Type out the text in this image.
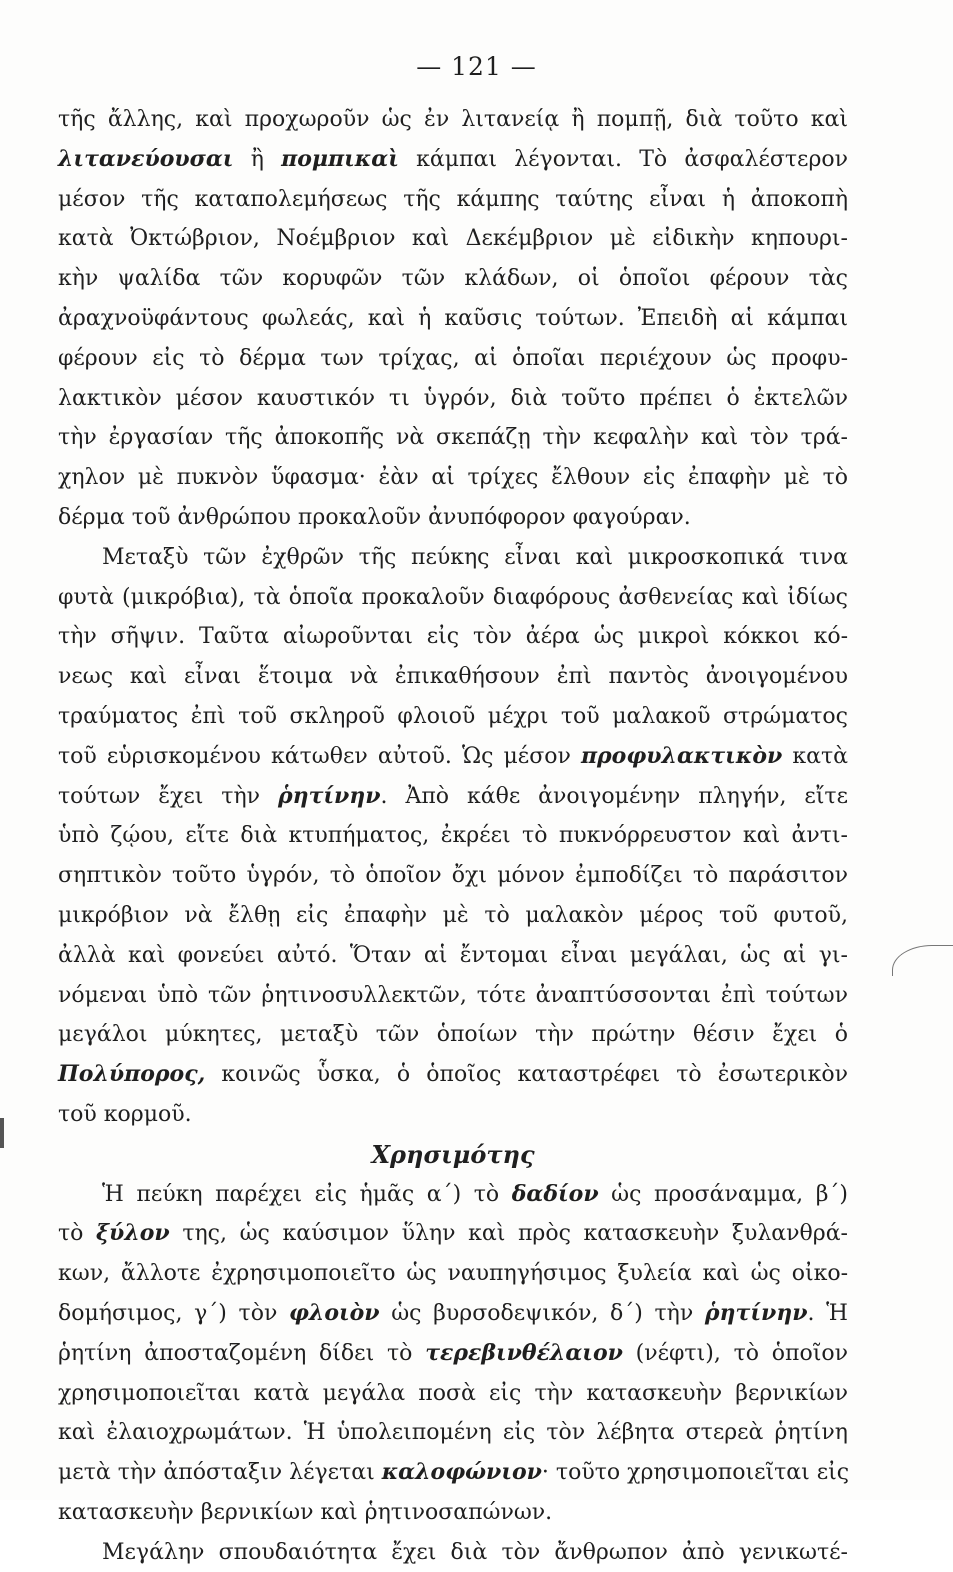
— 121 —
τῆς ἄλλης, καὶ προχωροῦν ὡς ἐν λιτανείᾳ ἢ πομπῇ, διὰ τοῦτο καὶ
λιτανεύουσαι ἢ πομπικαὶ κάμπαι λέγονται. Τὸ ἀσφαλέστερον
μέσον τῆς καταπολεμήσεως τῆς κάμπης ταύτης εἶναι ἡ ἀποκοπὴ
κατὰ Ὀκτώβριον, Νοέμβριον καὶ Δεκέμβριον μὲ εἰδικὴν κηπουρι-
κὴν ψαλίδα τῶν κορυφῶν τῶν κλάδων, οἱ ὁποῖοι φέρουν τὰς
ἀραχνοϋφάντους φωλεάς, καὶ ἡ καῦσις τούτων. Ἐπειδὴ αἱ κάμπαι
φέρουν εἰς τὸ δέρμα των τρίχας, αἱ ὁποῖαι περιέχουν ὡς προφυ-
λακτικὸν μέσον καυστικόν τι ὑγρόν, διὰ τοῦτο πρέπει ὁ ἐκτελῶν
τὴν ἐργασίαν τῆς ἀποκοπῆς νὰ σκεπάζῃ τὴν κεφαλὴν καὶ τὸν τρά-
χηλον μὲ πυκνὸν ὕφασμα· ἐὰν αἱ τρίχες ἔλθουν εἰς ἐπαφὴν μὲ τὸ
δέρμα τοῦ ἀνθρώπου προκαλοῦν ἀνυπόφορον φαγούραν.
Μεταξὺ τῶν ἐχθρῶν τῆς πεύκης εἶναι καὶ μικροσκοπικά τινα
φυτὰ (μικρόβια), τὰ ὁποῖα προκαλοῦν διαφόρους ἀσθενείας καὶ ἰδίως
τὴν σῆψιν. Ταῦτα αἰωροῦνται εἰς τὸν ἀέρα ὡς μικροὶ κόκκοι κό-
νεως καὶ εἶναι ἕτοιμα νὰ ἐπικαθήσουν ἐπὶ παντὸς ἀνοιγομένου
τραύματος ἐπὶ τοῦ σκληροῦ φλοιοῦ μέχρι τοῦ μαλακοῦ στρώματος
τοῦ εὑρισκομένου κάτωθεν αὐτοῦ. Ὡς μέσον προφυλακτικὸν κατὰ
τούτων ἔχει τὴν ῥητίνην. Ἀπὸ κάθε ἀνοιγομένην πληγήν, εἴτε
ὑπὸ ζῴου, εἴτε διὰ κτυπήματος, ἐκρέει τὸ πυκνόρρευστον καὶ ἀντι-
σηπτικὸν τοῦτο ὑγρόν, τὸ ὁποῖον ὄχι μόνον ἐμποδίζει τὸ παράσιτον
μικρόβιον νὰ ἔλθῃ εἰς ἐπαφὴν μὲ τὸ μαλακὸν μέρος τοῦ φυτοῦ,
ἀλλὰ καὶ φονεύει αὐτό. Ὅταν αἱ ἔντομαι εἶναι μεγάλαι, ὡς αἱ γι-
νόμεναι ὑπὸ τῶν ῥητινοσυλλεκτῶν, τότε ἀναπτύσσονται ἐπὶ τούτων
μεγάλοι μύκητες, μεταξὺ τῶν ὁποίων τὴν πρώτην θέσιν ἔχει ὁ
Πολύπορος, κοινῶς ὗσκα, ὁ ὁποῖος καταστρέφει τὸ ἐσωτερικὸν
τοῦ κορμοῦ.
Χρησιμότης
Ἡ πεύκη παρέχει εἰς ἡμᾶς α΄) τὸ δαδίον ὡς προσάναμμα, β΄)
τὸ ξύλον της, ὡς καύσιμον ὕλην καὶ πρὸς κατασκευὴν ξυλανθρά-
κων, ἄλλοτε ἐχρησιμοποιεῖτο ὡς ναυπηγήσιμος ξυλεία καὶ ὡς οἰκο-
δομήσιμος, γ΄) τὸν φλοιὸν ὡς βυρσοδεψικόν, δ΄) τὴν ῥητίνην. Ἡ
ῥητίνη ἀποσταζομένη δίδει τὸ τερεβινθέλαιον (νέφτι), τὸ ὁποῖον
χρησιμοποιεῖται κατὰ μεγάλα ποσὰ εἰς τὴν κατασκευὴν βερνικίων
καὶ ἐλαιοχρωμάτων. Ἡ ὑπολειπομένη εἰς τὸν λέβητα στερεὰ ῥητίνη
μετὰ τὴν ἀπόσταξιν λέγεται καλοφώνιον· τοῦτο χρησιμοποιεῖται εἰς
κατασκευὴν βερνικίων καὶ ῥητινοσαπώνων.
Μεγάλην σπουδαιότητα ἔχει διὰ τὸν ἄνθρωπον ἀπὸ γενικωτέ-
